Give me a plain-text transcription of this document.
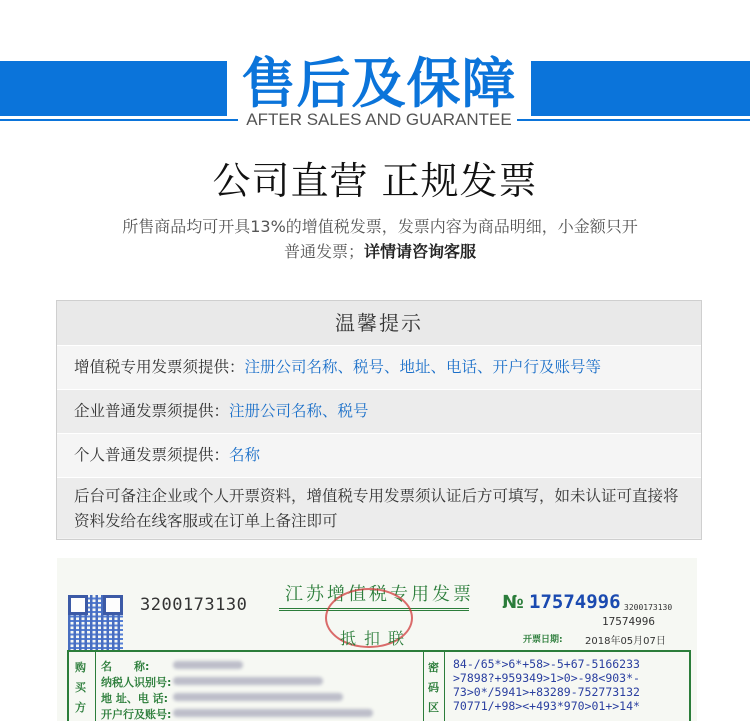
售后及保障
AFTER SALES AND GUARANTEE
公司直营 正规发票
所售商品均可开具13%的增值税发票，发票内容为商品明细，小金额只开普通发票；详情请咨询客服
温馨提示
增值税专用发票须提供：注册公司名称、税号、地址、电话、开户行及账号等
企业普通发票须提供：注册公司名称、税号
个人普通发票须提供：名称
后台可备注企业或个人开票资料，增值税专用发票须认证后方可填写，如未认证可直接将资料发给在线客服或在订单上备注即可
3200173130 江苏增值税专用发票
抵扣联
№ 17574996 3200173130
17574996
开票日期: 2018年05月07日
购买方
名　　称:
纳税人识别号:
地 址、电 话:
开户行及账号:
密码区
84-/65*>6*+58>-5+67-5166233
>7898?+959349>1>0>-98<903*-
73>0*/5941>+83289-752773132
70771/+98><+493*970>01+>14*
